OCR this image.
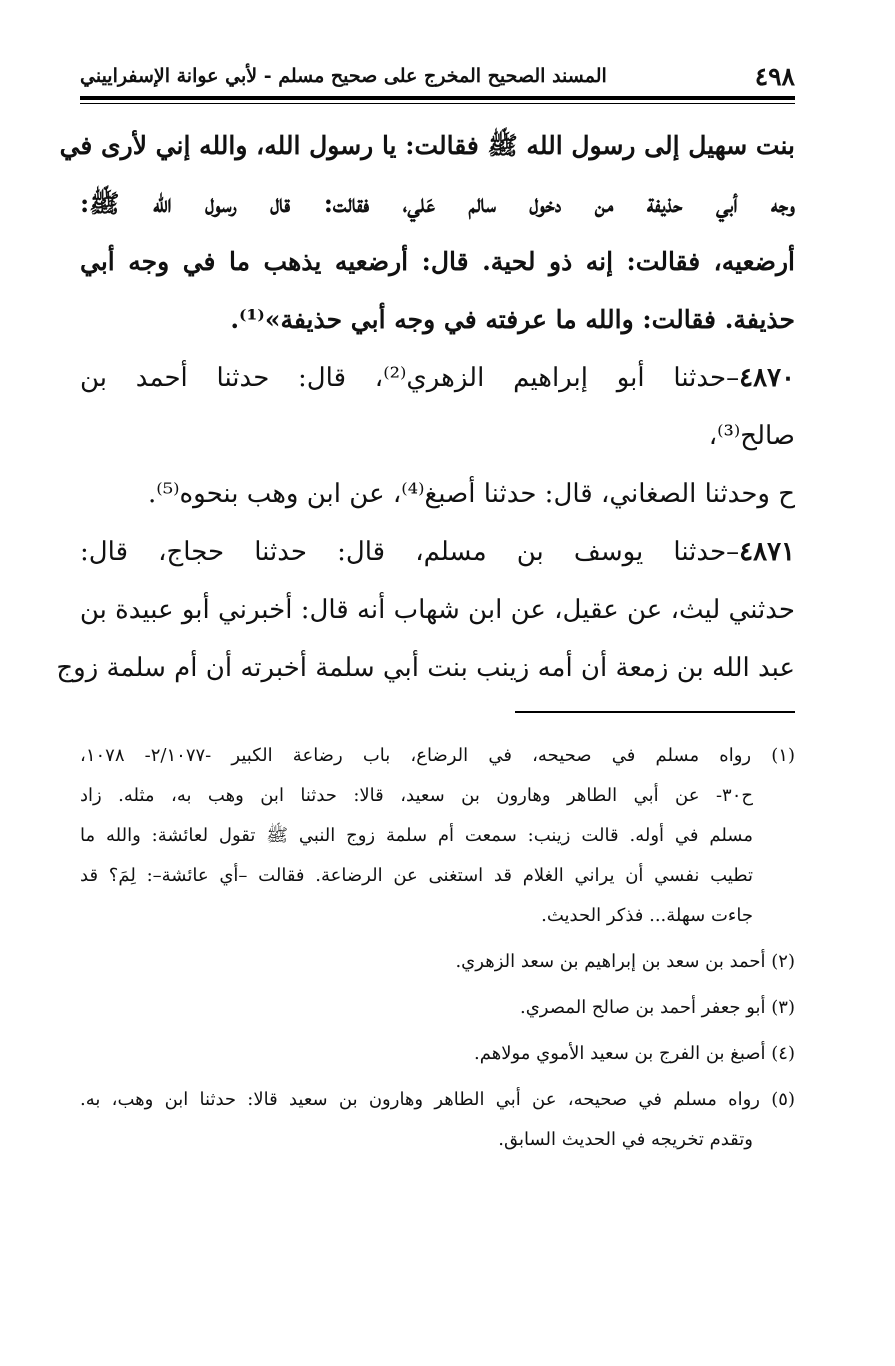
٤٩٨
المسند الصحيح المخرج على صحيح مسلم - لأبي عوانة الإسفراييني
بنت سهيل إلى رسول الله ﷺ فقالت: يا رسول الله، والله إني لأرى في
وجه أبي حذيفة من دخول سالم عَلي، فقالت: قال رسول الله ﷺ:
أرضعيه، فقالت: إنه ذو لحية. قال: أرضعيه يذهب ما في وجه أبي
حذيفة. فقالت: والله ما عرفته في وجه أبي حذيفة»⁽¹⁾.
٤٨٧٠–حدثنا أبو إبراهيم الزهري⁽²⁾، قال: حدثنا أحمد بن
صالح⁽³⁾،
ح وحدثنا الصغاني، قال: حدثنا أصبغ⁽⁴⁾، عن ابن وهب بنحوه⁽⁵⁾.
٤٨٧١–حدثنا يوسف بن مسلم، قال: حدثنا حجاج، قال:
حدثني ليث، عن عقيل، عن ابن شهاب أنه قال: أخبرني أبو عبيدة بن
عبد الله بن زمعة أن أمه زينب بنت أبي سلمة أخبرته أن أم سلمة زوج
(١) رواه مسلم في صحيحه، في الرضاع، باب رضاعة الكبير -٢/١٠٧٧- ١٠٧٨،
ح٣٠- عن أبي الطاهر وهارون بن سعيد، قالا: حدثنا ابن وهب به، مثله. زاد
مسلم في أوله. قالت زينب: سمعت أم سلمة زوج النبي ﷺ تقول لعائشة: والله ما
تطيب نفسي أن يراني الغلام قد استغنى عن الرضاعة. فقالت –أي عائشة–: لِمَ؟ قد
جاءت سهلة... فذكر الحديث.
(٢) أحمد بن سعد بن إبراهيم بن سعد الزهري.
(٣) أبو جعفر أحمد بن صالح المصري.
(٤) أصبغ بن الفرج بن سعيد الأموي مولاهم.
(٥) رواه مسلم في صحيحه، عن أبي الطاهر وهارون بن سعيد قالا: حدثنا ابن وهب، به.
وتقدم تخريجه في الحديث السابق.
